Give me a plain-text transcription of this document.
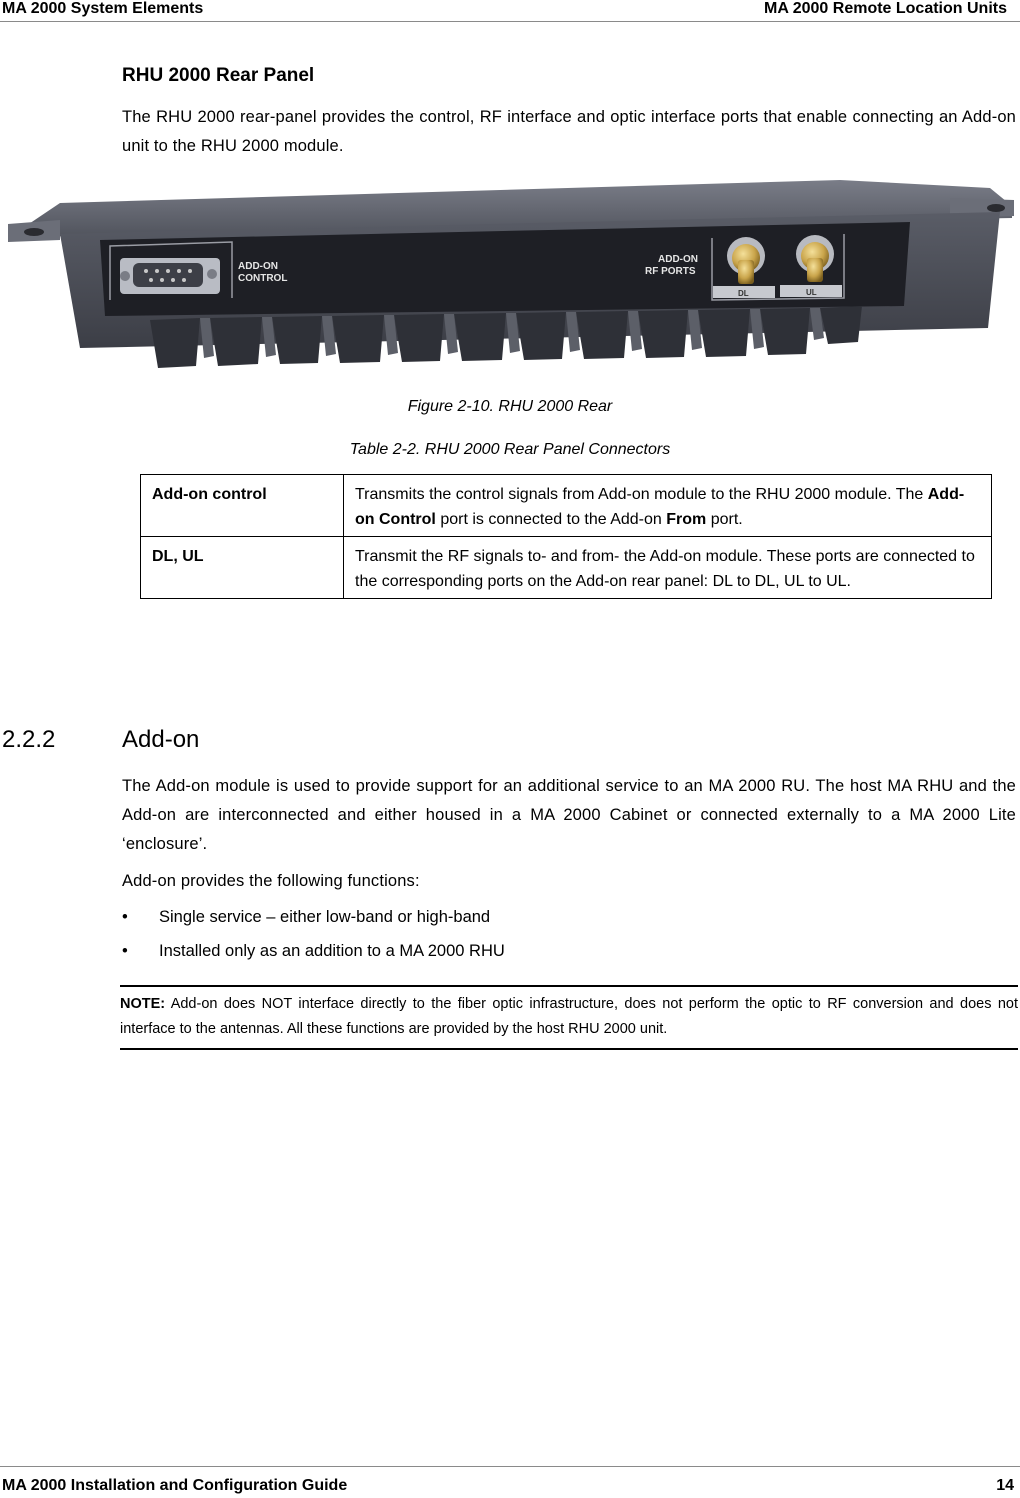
MA 2000 System Elements	MA 2000 Remote Location Units
RHU 2000 Rear Panel
The RHU 2000 rear-panel provides the control, RF interface and optic interface ports that enable connecting an Add-on unit to the RHU 2000 module.
ADD-ON
CONTROL
ADD-ON
RF PORTS
DL	UL
Figure 2-10. RHU 2000 Rear
Table 2-2. RHU 2000 Rear Panel Connectors
Add-on control	Transmits the control signals from Add-on module to the RHU 2000 module. The Add-on Control port is connected to the Add-on From port.
DL, UL	Transmit the RF signals to- and from- the Add-on module. These ports are connected to the corresponding ports on the Add-on rear panel: DL to DL, UL to UL.
2.2.2	Add-on
The Add-on module is used to provide support for an additional service to an MA 2000 RU. The host MA RHU and the Add-on are interconnected and either housed in a MA 2000 Cabinet or connected externally to a MA 2000 Lite ‘enclosure’.
Add-on provides the following functions:
• Single service – either low-band or high-band
• Installed only as an addition to a MA 2000 RHU
NOTE: Add-on does NOT interface directly to the fiber optic infrastructure, does not perform the optic to RF conversion and does not interface to the antennas. All these functions are provided by the host RHU 2000 unit.
MA 2000 Installation and Configuration Guide	14
